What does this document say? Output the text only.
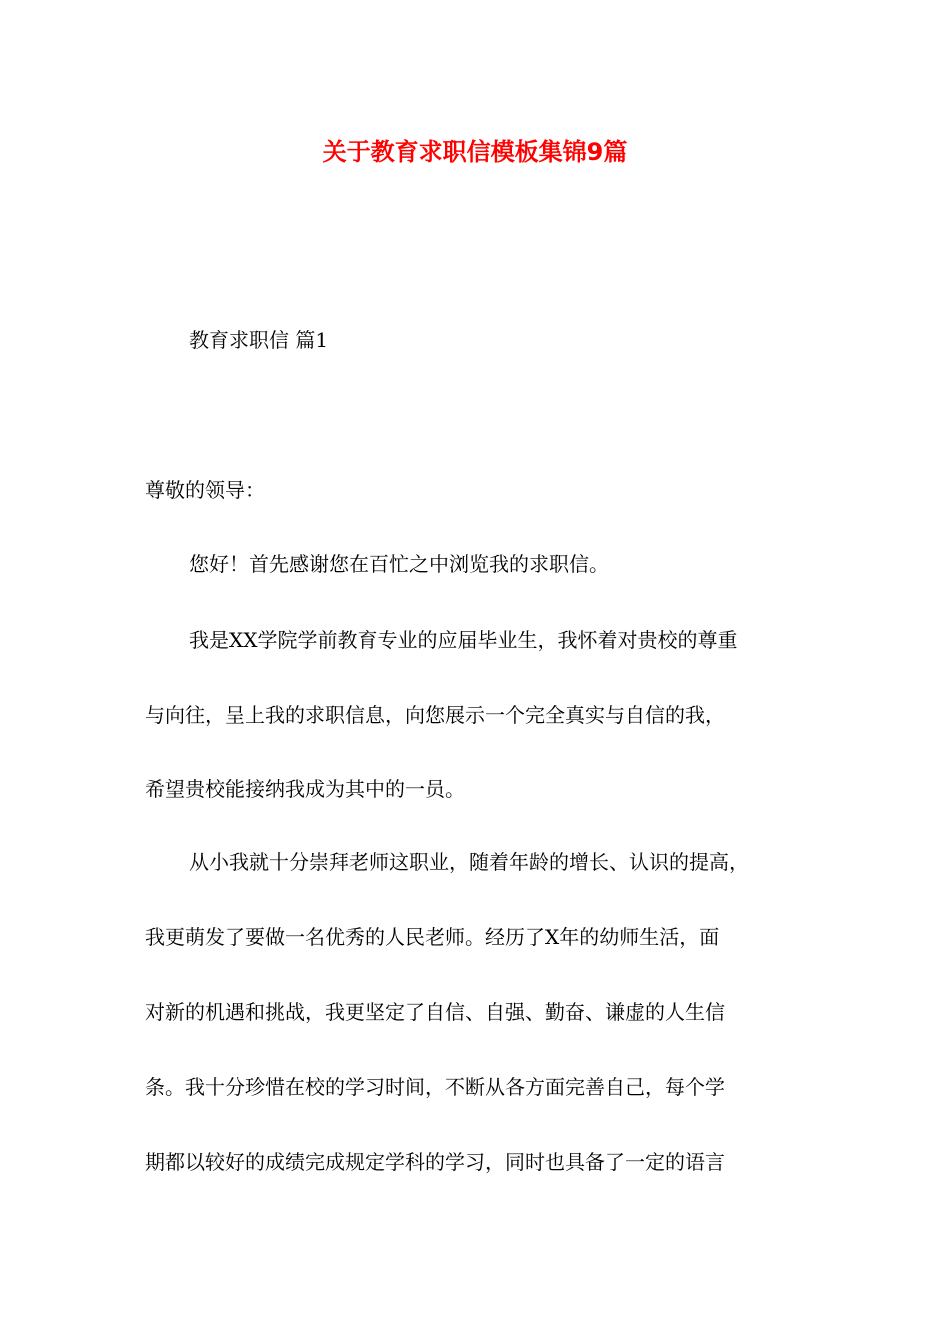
关于教育求职信模板集锦9篇
教育求职信 篇1
尊敬的领导：
您好！首先感谢您在百忙之中浏览我的求职信。
我是XX学院学前教育专业的应届毕业生，我怀着对贵校的尊重
与向往，呈上我的求职信息，向您展示一个完全真实与自信的我，
希望贵校能接纳我成为其中的一员。
从小我就十分崇拜老师这职业，随着年龄的增长、认识的提高，
我更萌发了要做一名优秀的人民老师。经历了X年的幼师生活，面
对新的机遇和挑战，我更坚定了自信、自强、勤奋、谦虚的人生信
条。我十分珍惜在校的学习时间，不断从各方面完善自己，每个学
期都以较好的成绩完成规定学科的学习，同时也具备了一定的语言
